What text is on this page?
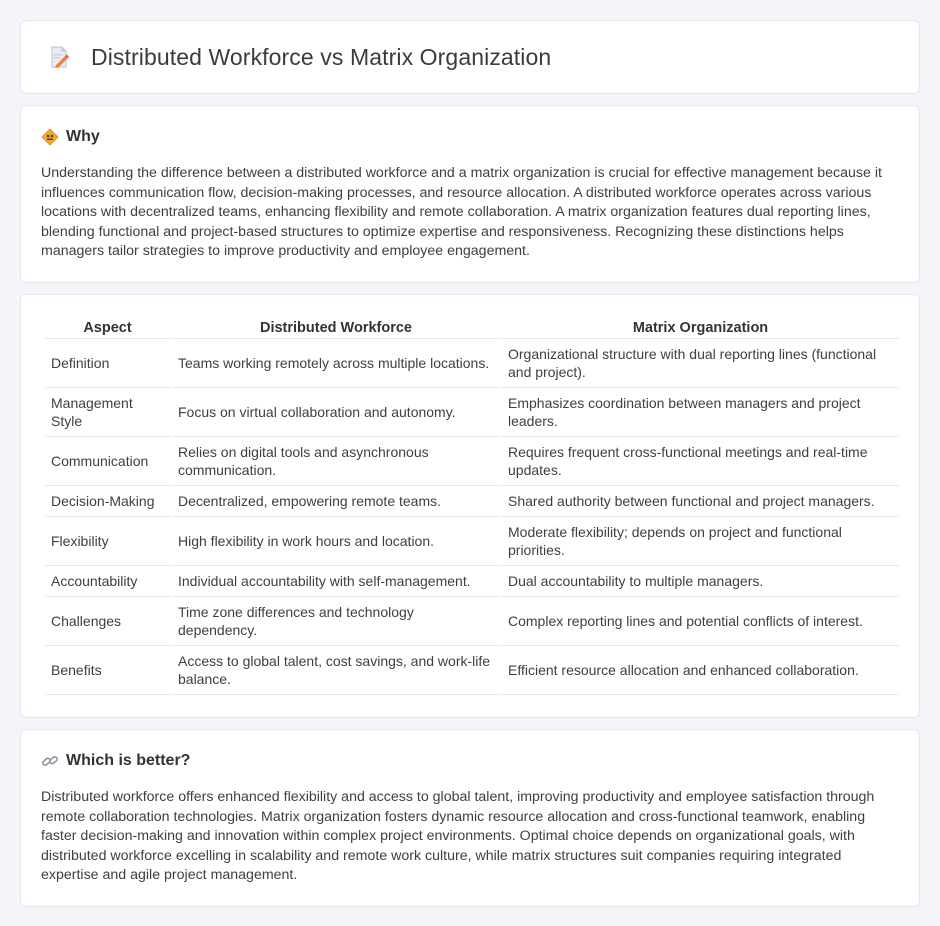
Distributed Workforce vs Matrix Organization
Why

Understanding the difference between a distributed workforce and a matrix organization is crucial for effective management because it influences communication flow, decision-making processes, and resource allocation. A distributed workforce operates across various locations with decentralized teams, enhancing flexibility and remote collaboration. A matrix organization features dual reporting lines, blending functional and project-based structures to optimize expertise and responsiveness. Recognizing these distinctions helps managers tailor strategies to improve productivity and employee engagement.

Aspect	Distributed Workforce	Matrix Organization
Definition	Teams working remotely across multiple locations.	Organizational structure with dual reporting lines (functional and project).
Management Style	Focus on virtual collaboration and autonomy.	Emphasizes coordination between managers and project leaders.
Communication	Relies on digital tools and asynchronous communication.	Requires frequent cross-functional meetings and real-time updates.
Decision-Making	Decentralized, empowering remote teams.	Shared authority between functional and project managers.
Flexibility	High flexibility in work hours and location.	Moderate flexibility; depends on project and functional priorities.
Accountability	Individual accountability with self-management.	Dual accountability to multiple managers.
Challenges	Time zone differences and technology dependency.	Complex reporting lines and potential conflicts of interest.
Benefits	Access to global talent, cost savings, and work-life balance.	Efficient resource allocation and enhanced collaboration.
Which is better?

Distributed workforce offers enhanced flexibility and access to global talent, improving productivity and employee satisfaction through remote collaboration technologies. Matrix organization fosters dynamic resource allocation and cross-functional teamwork, enabling faster decision-making and innovation within complex project environments. Optimal choice depends on organizational goals, with distributed workforce excelling in scalability and remote work culture, while matrix structures suit companies requiring integrated expertise and agile project management.
